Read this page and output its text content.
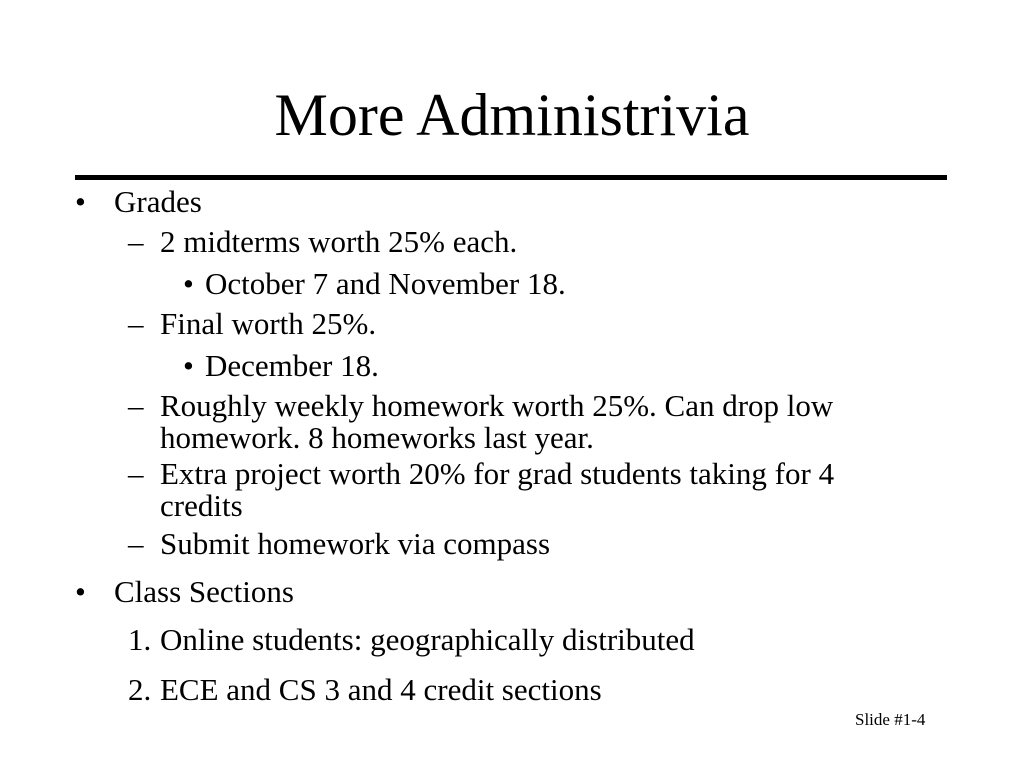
More Administrivia
• Grades
– 2 midterms worth 25% each.
• October 7 and November 18.
– Final worth 25%.
• December 18.
– Roughly weekly homework worth 25%. Can drop low
homework. 8 homeworks last year.
– Extra project worth 20% for grad students taking for 4
credits
– Submit homework via compass
• Class Sections
1. Online students: geographically distributed
2. ECE and CS 3 and 4 credit sections
Slide #1-4
